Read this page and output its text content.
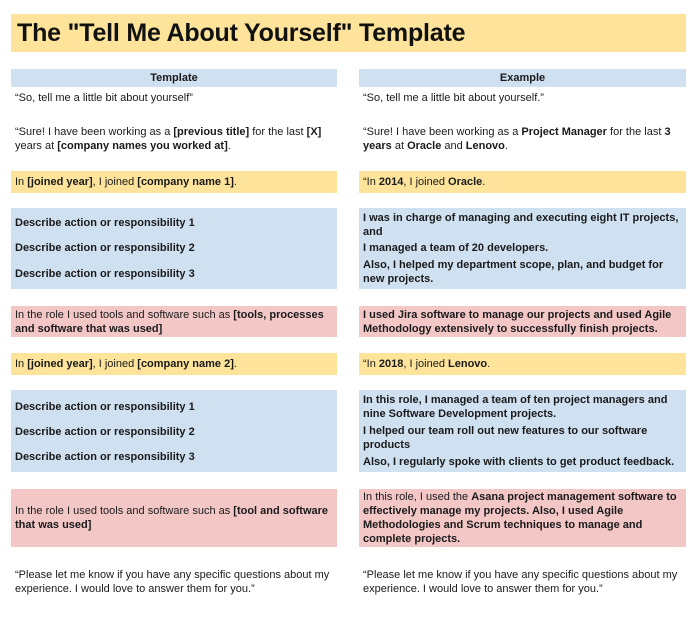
The "Tell Me About Yourself" Template
Template
“So, tell me a little bit about yourself”
“Sure! I have been working as a [previous title] for the last [X] years at [company names you worked at].
In [joined year], I joined [company name 1].
Describe action or responsibility 1
Describe action or responsibility 2
Describe action or responsibility 3
In the role I used tools and software such as [tools, processes and software that was used]
In [joined year], I joined [company name 2].
Describe action or responsibility 1
Describe action or responsibility 2
Describe action or responsibility 3
In the role I used tools and software such as [tool and software that was used]
“Please let me know if you have any specific questions about my experience. I would love to answer them for you.”
Example
“So, tell me a little bit about yourself.”
“Sure! I have been working as a Project Manager for the last 3 years at Oracle and Lenovo.
“In 2014, I joined Oracle.
I was in charge of managing and executing eight IT projects, and
I managed a team of 20 developers.
Also, I helped my department scope, plan, and budget for new projects.
I used Jira software to manage our projects and used Agile Methodology extensively to successfully finish projects.
“In 2018, I joined Lenovo.
In this role, I managed a team of ten project managers and nine Software Development projects.
I helped our team roll out new features to our software products
Also, I regularly spoke with clients to get product feedback.
In this role, I used the Asana project management software to effectively manage my projects. Also, I used Agile Methodologies and Scrum techniques to manage and complete projects.
“Please let me know if you have any specific questions about my experience. I would love to answer them for you.”
